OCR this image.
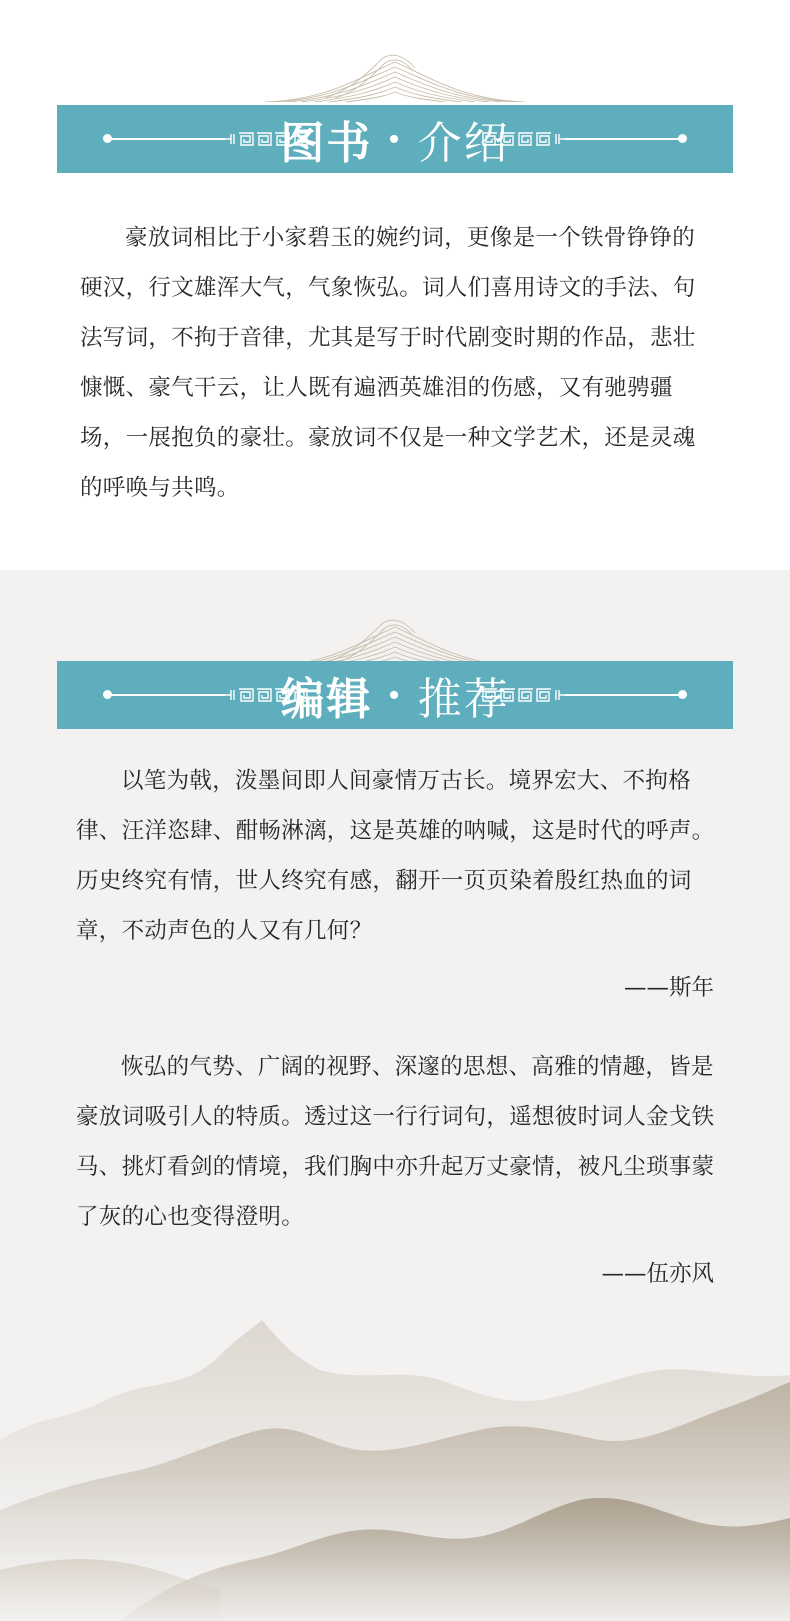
图书 · 介绍

豪放词相比于小家碧玉的婉约词，更像是一个铁骨铮铮的硬汉，行文雄浑大气，气象恢弘。词人们喜用诗文的手法、句法写词，不拘于音律，尤其是写于时代剧变时期的作品，悲壮慷慨、豪气干云，让人既有遍洒英雄泪的伤感，又有驰骋疆场，一展抱负的豪壮。豪放词不仅是一种文学艺术，还是灵魂的呼唤与共鸣。

编辑 · 推荐

以笔为戟，泼墨间即人间豪情万古长。境界宏大、不拘格律、汪洋恣肆、酣畅淋漓，这是英雄的呐喊，这是时代的呼声。历史终究有情，世人终究有感，翻开一页页染着殷红热血的词章，不动声色的人又有几何？

——斯年

恢弘的气势、广阔的视野、深邃的思想、高雅的情趣，皆是豪放词吸引人的特质。透过这一行行词句，遥想彼时词人金戈铁马、挑灯看剑的情境，我们胸中亦升起万丈豪情，被凡尘琐事蒙了灰的心也变得澄明。

——伍亦风
